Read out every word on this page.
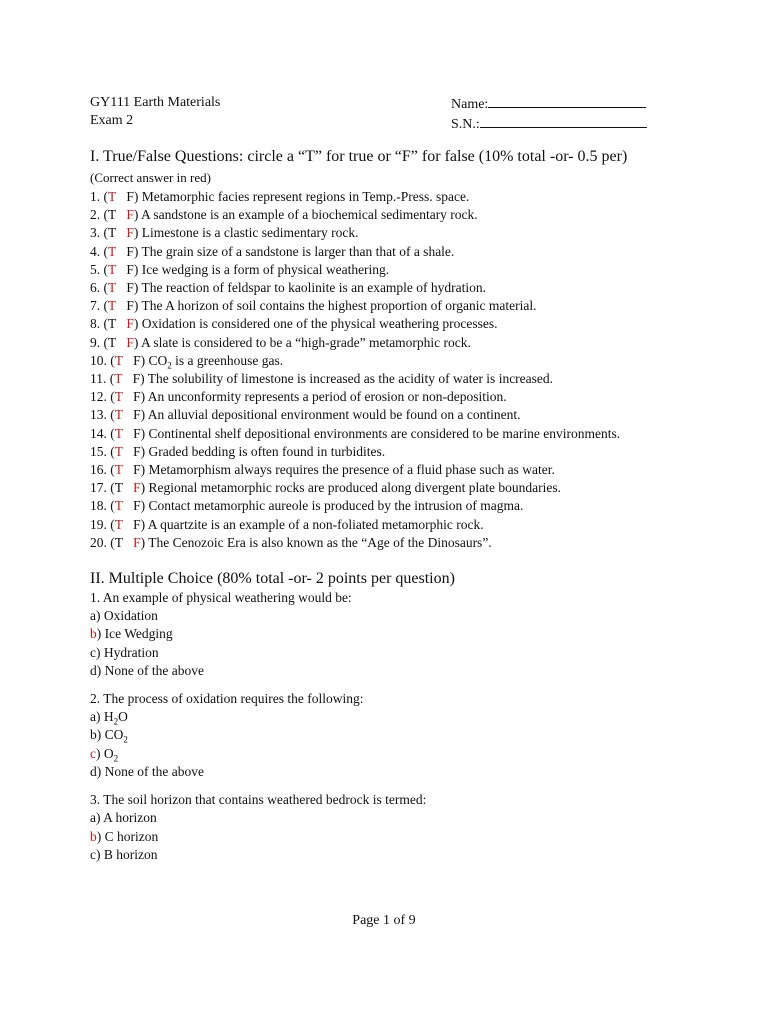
GY111 Earth Materials
Exam 2
Name:
S.N.:
I. True/False Questions: circle a “T” for true or “F” for false (10% total -or- 0.5 per) (Correct answer in red)
1. (T F) Metamorphic facies represent regions in Temp.-Press. space.
2. (T F) A sandstone is an example of a biochemical sedimentary rock.
3. (T F) Limestone is a clastic sedimentary rock.
4. (T F) The grain size of a sandstone is larger than that of a shale.
5. (T F) Ice wedging is a form of physical weathering.
6. (T F) The reaction of feldspar to kaolinite is an example of hydration.
7. (T F) The A horizon of soil contains the highest proportion of organic material.
8. (T F) Oxidation is considered one of the physical weathering processes.
9. (T F) A slate is considered to be a “high-grade” metamorphic rock.
10. (T F) $CO_2$ is a greenhouse gas.
11. (T F) The solubility of limestone is increased as the acidity of water is increased.
12. (T F) An unconformity represents a period of erosion or non-deposition.
13. (T F) An alluvial depositional environment would be found on a continent.
14. (T F) Continental shelf depositional environments are considered to be marine environments.
15. (T F) Graded bedding is often found in turbidites.
16. (T F) Metamorphism always requires the presence of a fluid phase such as water.
17. (T F) Regional metamorphic rocks are produced along divergent plate boundaries.
18. (T F) Contact metamorphic aureole is produced by the intrusion of magma.
19. (T F) A quartzite is an example of a non-foliated metamorphic rock.
20. (T F) The Cenozoic Era is also known as the “Age of the Dinosaurs”.
II. Multiple Choice (80% total -or- 2 points per question)
1. An example of physical weathering would be:
a) Oxidation
b) Ice Wedging
c) Hydration
d) None of the above
2. The process of oxidation requires the following:
a) $H_2O$
b) $CO_2$
c) $O_2$
d) None of the above
3. The soil horizon that contains weathered bedrock is termed:
a) A horizon
b) C horizon
c) B horizon
Page 1 of 9
